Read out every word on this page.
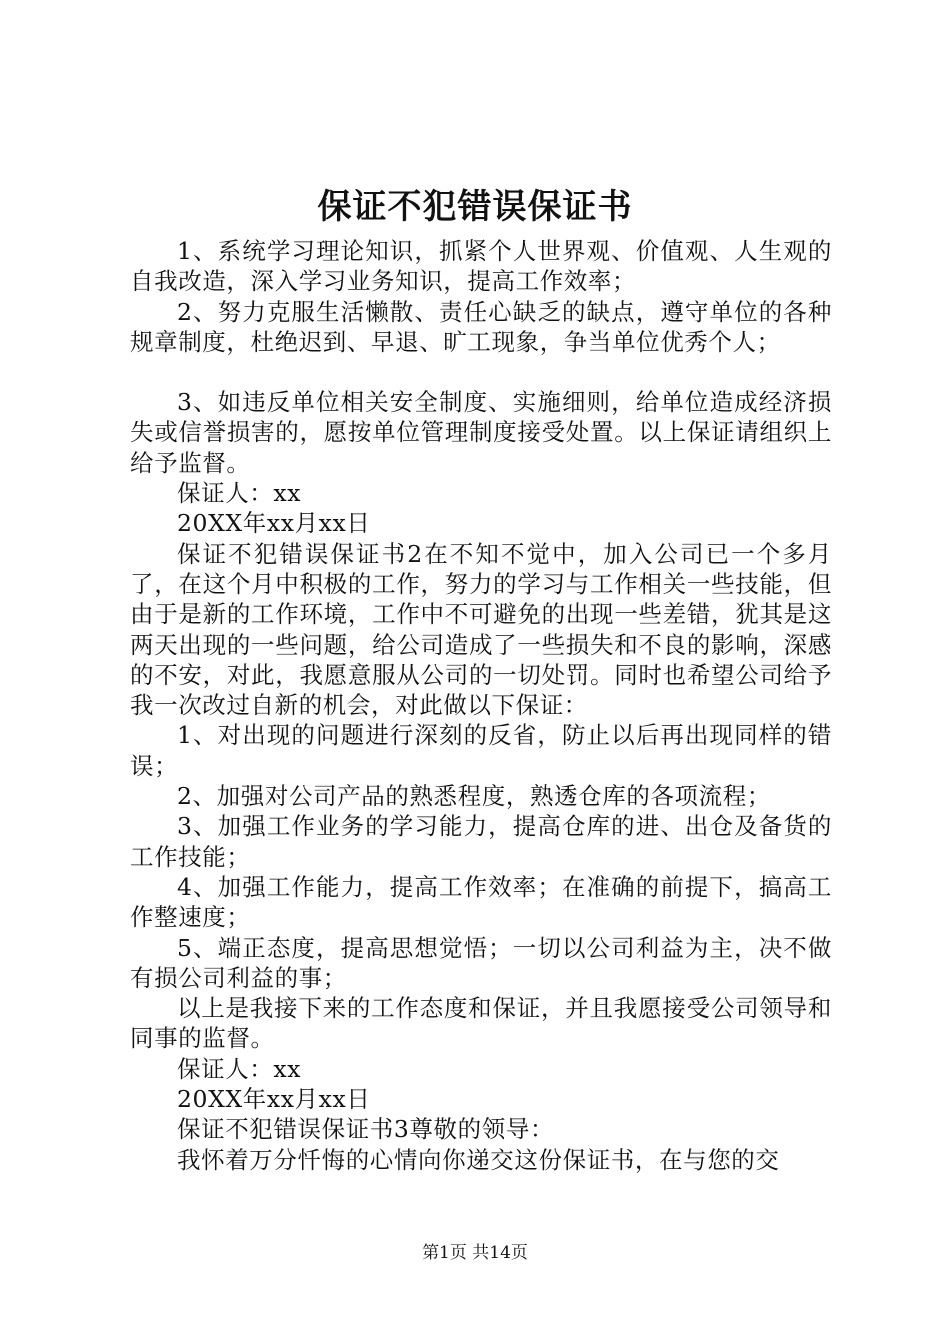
保证不犯错误保证书

1、系统学习理论知识，抓紧个人世界观、价值观、人生观的自我改造，深入学习业务知识，提高工作效率；

2、努力克服生活懒散、责任心缺乏的缺点，遵守单位的各种规章制度，杜绝迟到、早退、旷工现象，争当单位优秀个人；

3、如违反单位相关安全制度、实施细则，给单位造成经济损失或信誉损害的，愿按单位管理制度接受处置。以上保证请组织上给予监督。

保证人：xx

20XX年xx月xx日

保证不犯错误保证书2在不知不觉中，加入公司已一个多月了，在这个月中积极的工作，努力的学习与工作相关一些技能，但由于是新的工作环境，工作中不可避免的出现一些差错，犹其是这两天出现的一些问题，给公司造成了一些损失和不良的影响，深感的不安，对此，我愿意服从公司的一切处罚。同时也希望公司给予我一次改过自新的机会，对此做以下保证：

1、对出现的问题进行深刻的反省，防止以后再出现同样的错误；

2、加强对公司产品的熟悉程度，熟透仓库的各项流程；

3、加强工作业务的学习能力，提高仓库的进、出仓及备货的工作技能；

4、加强工作能力，提高工作效率；在准确的前提下，搞高工作整速度；

5、端正态度，提高思想觉悟；一切以公司利益为主，决不做有损公司利益的事；

以上是我接下来的工作态度和保证，并且我愿接受公司领导和同事的监督。

保证人：xx

20XX年xx月xx日

保证不犯错误保证书3尊敬的领导：

我怀着万分忏悔的心情向你递交这份保证书，在与您的交

第1页 共14页
